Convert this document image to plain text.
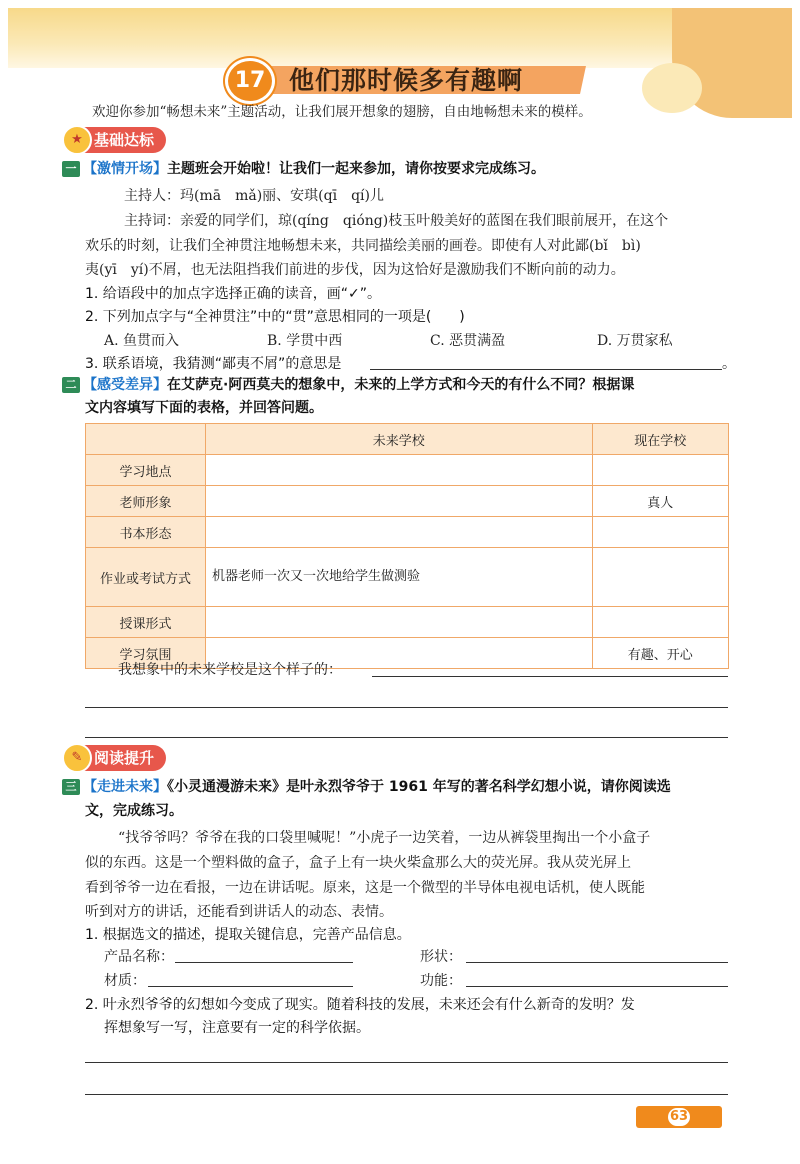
17 他们那时候多有趣啊
欢迎你参加“畅想未来”主题活动，让我们展开想象的翅膀，自由地畅想未来的模样。
★ 基础达标
一 【激情开场】主题班会开始啦！让我们一起来参加，请你按要求完成练习。
主持人：玛(mā　mǎ)丽、安琪(qī　qí)儿
主持词：亲爱的同学们，琼(qíng　qióng)枝玉叶般美好的蓝图在我们眼前展开，在这个
欢乐的时刻，让我们全神贯注地畅想未来，共同描绘美丽的画卷。即使有人对此鄙(bǐ　bì)
夷(yī　yí)不屑，也无法阻挡我们前进的步伐，因为这恰好是激励我们不断向前的动力。
1. 给语段中的加点字选择正确的读音，画“✓”。
2. 下列加点字与“全神贯注”中的“贯”意思相同的一项是(　　)
A. 鱼贯而入	B. 学贯中西	C. 恶贯满盈	D. 万贯家私
3. 联系语境，我猜测“鄙夷不屑”的意思是	。
二 【感受差异】在艾萨克·阿西莫夫的想象中，未来的上学方式和今天的有什么不同？根据课
文内容填写下面的表格，并回答问题。
	未来学校	现在学校
学习地点		
老师形象		真人
书本形态		
作业或考试方式	机器老师一次又一次地给学生做测验	
授课形式		
学习氛围		有趣、开心
我想象中的未来学校是这个样子的：
✎ 阅读提升
三 【走进未来】《小灵通漫游未来》是叶永烈爷爷于 1961 年写的著名科学幻想小说，请你阅读选
文，完成练习。
“找爷爷吗？爷爷在我的口袋里喊呢！”小虎子一边笑着，一边从裤袋里掏出一个小盒子
似的东西。这是一个塑料做的盒子，盒子上有一块火柴盒那么大的荧光屏。我从荧光屏上
看到爷爷一边在看报，一边在讲话呢。原来，这是一个微型的半导体电视电话机，使人既能
听到对方的讲话，还能看到讲话人的动态、表情。
1. 根据选文的描述，提取关键信息，完善产品信息。
产品名称：	形状：
材质：	功能：
2. 叶永烈爷爷的幻想如今变成了现实。随着科技的发展，未来还会有什么新奇的发明？发
挥想象写一写，注意要有一定的科学依据。
63
